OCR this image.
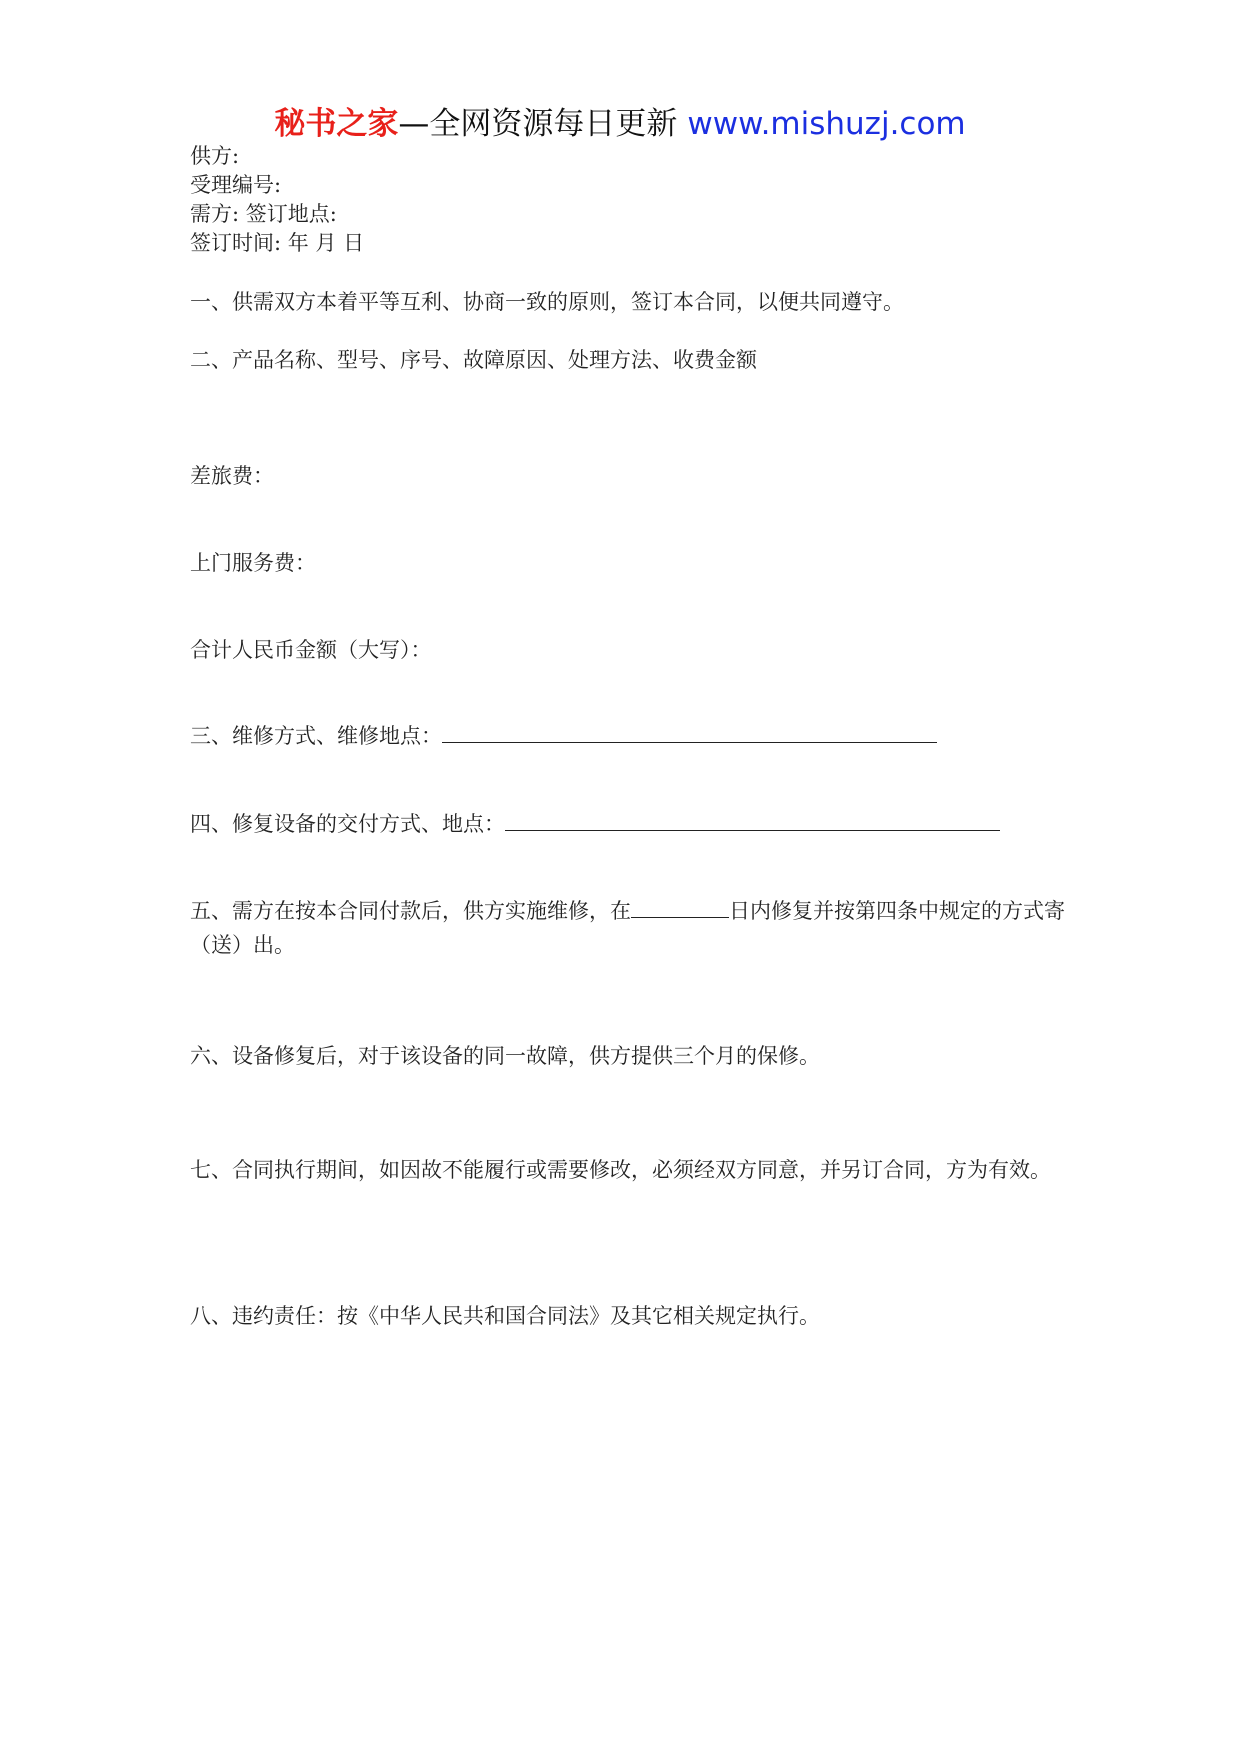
秘书之家—全网资源每日更新 www.mishuzj.com
供方:
受理编号:
需方: 签订地点:
签订时间: 年 月 日
一、供需双方本着平等互利、协商一致的原则，签订本合同，以便共同遵守。
二、产品名称、型号、序号、故障原因、处理方法、收费金额
差旅费：
上门服务费：
合计人民币金额（大写）：
三、维修方式、维修地点：
四、修复设备的交付方式、地点：
五、需方在按本合同付款后，供方实施维修，在	日内修复并按第四条中规定的方式寄（送）出。
六、设备修复后，对于该设备的同一故障，供方提供三个月的保修。
七、合同执行期间，如因故不能履行或需要修改，必须经双方同意，并另订合同，方为有效。
八、违约责任：按《中华人民共和国合同法》及其它相关规定执行。
